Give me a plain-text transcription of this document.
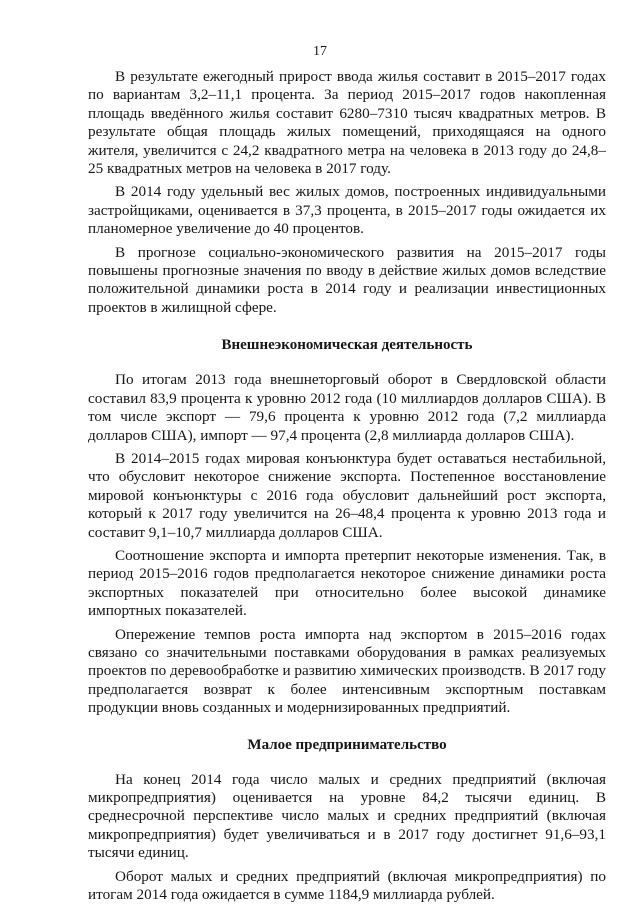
17

В результате ежегодный прирост ввода жилья составит в 2015–2017 годах по вариантам 3,2–11,1 процента. За период 2015–2017 годов накопленная площадь введённого жилья составит 6280–7310 тысяч квадратных метров. В результате общая площадь жилых помещений, приходящаяся на одного жителя, увеличится с 24,2 квадратного метра на человека в 2013 году до 24,8–25 квадратных метров на человека в 2017 году.

В 2014 году удельный вес жилых домов, построенных индивидуальными застройщиками, оценивается в 37,3 процента, в 2015–2017 годы ожидается их планомерное увеличение до 40 процентов.

В прогнозе социально-экономического развития на 2015–2017 годы повышены прогнозные значения по вводу в действие жилых домов вследствие положительной динамики роста в 2014 году и реализации инвестиционных проектов в жилищной сфере.

Внешнеэкономическая деятельность

По итогам 2013 года внешнеторговый оборот в Свердловской области составил 83,9 процента к уровню 2012 года (10 миллиардов долларов США). В том числе экспорт — 79,6 процента к уровню 2012 года (7,2 миллиарда долларов США), импорт — 97,4 процента (2,8 миллиарда долларов США).

В 2014–2015 годах мировая конъюнктура будет оставаться нестабильной, что обусловит некоторое снижение экспорта. Постепенное восстановление мировой конъюнктуры с 2016 года обусловит дальнейший рост экспорта, который к 2017 году увеличится на 26–48,4 процента к уровню 2013 года и составит 9,1–10,7 миллиарда долларов США.

Соотношение экспорта и импорта претерпит некоторые изменения. Так, в период 2015–2016 годов предполагается некоторое снижение динамики роста экспортных показателей при относительно более высокой динамике импортных показателей.

Опережение темпов роста импорта над экспортом в 2015–2016 годах связано со значительными поставками оборудования в рамках реализуемых проектов по деревообработке и развитию химических производств. В 2017 году предполагается возврат к более интенсивным экспортным поставкам продукции вновь созданных и модернизированных предприятий.

Малое предпринимательство

На конец 2014 года число малых и средних предприятий (включая микропредприятия) оценивается на уровне 84,2 тысячи единиц. В среднесрочной перспективе число малых и средних предприятий (включая микропредприятия) будет увеличиваться и в 2017 году достигнет 91,6–93,1 тысячи единиц.

Оборот малых и средних предприятий (включая микропредприятия) по итогам 2014 года ожидается в сумме 1184,9 миллиарда рублей.
